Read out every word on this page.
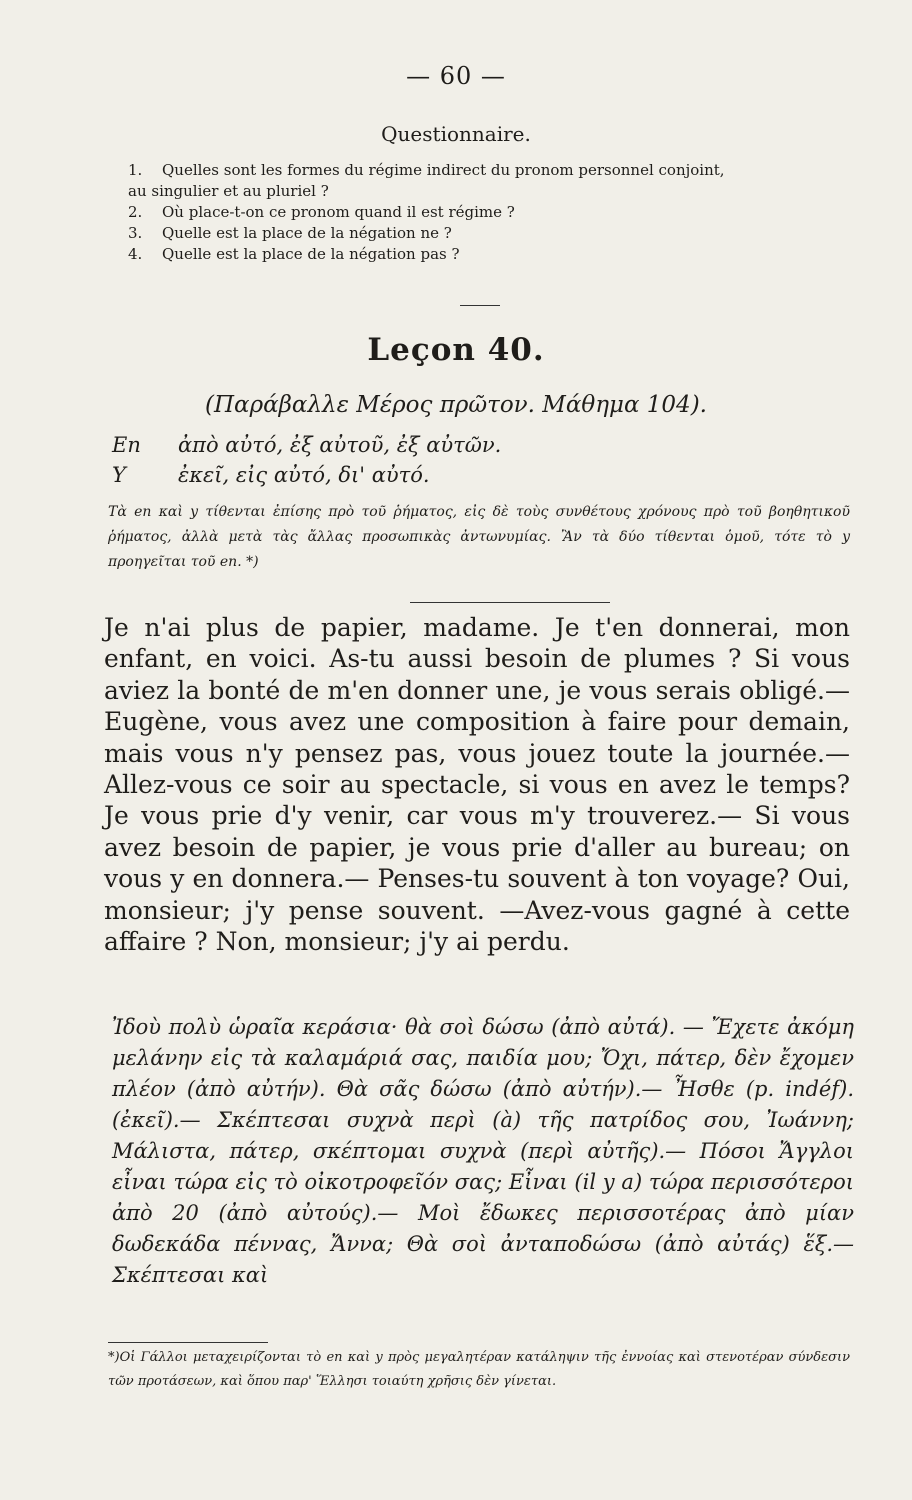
— 60 —
Questionnaire.
1.	Quelles sont les formes du régime indirect du pronom personnel conjoint,
au singulier et au pluriel ?
2.	Où place-t-on ce pronom quand il est régime ?
3.	Quelle est la place de la négation ne ?
4.	Quelle est la place de la négation pas ?
Leçon 40.
(Παράβαλλε Μέρος πρῶτον. Μάθημα 104).
En	ἀπὸ αὐτό, ἐξ αὐτοῦ, ἐξ αὐτῶν.
Y	ἐκεῖ, εἰς αὐτό, δι' αὐτό.
Τὰ en καὶ y τίθενται ἐπίσης πρὸ τοῦ ῥήματος, εἰς δὲ τοὺς συνθέτους χρόνους πρὸ τοῦ βοηθητικοῦ ῥήματος, ἀλλὰ μετὰ τὰς ἄλλας προσωπικὰς ἀντωνυμίας. Ἂν τὰ δύο τίθενται ὁμοῦ, τότε τὸ y προηγεῖται τοῦ en. *)
Je n'ai plus de papier, madame. Je t'en donnerai, mon enfant, en voici. As-tu aussi besoin de plumes ? Si vous aviez la bonté de m'en donner une, je vous serais obligé.—Eugène, vous avez une composition à faire pour demain, mais vous n'y pensez pas, vous jouez toute la journée.— Allez-vous ce soir au spectacle, si vous en avez le temps? Je vous prie d'y venir, car vous m'y trouverez.— Si vous avez besoin de papier, je vous prie d'aller au bureau; on vous y en donnera.— Penses-tu souvent à ton voyage? Oui, monsieur; j'y pense souvent. —Avez-vous gagné à cette affaire ? Non, monsieur; j'y ai perdu.
Ἰδοὺ πολὺ ὡραῖα κεράσια· θὰ σοὶ δώσω (ἀπὸ αὐτά). — Ἔχετε ἀκόμη μελάνην εἰς τὰ καλαμάριά σας, παιδία μου; Ὄχι, πάτερ, δὲν ἔχομεν πλέον (ἀπὸ αὐτήν). Θὰ σᾶς δώσω (ἀπὸ αὐτήν).— Ἦσθε (p. indéf). (ἐκεῖ).— Σκέπτεσαι συχνὰ περὶ (à) τῆς πατρίδος σου, Ἰωάννη; Μάλιστα, πάτερ, σκέπτομαι συχνὰ (περὶ αὐτῆς).— Πόσοι Ἄγγλοι εἶναι τώρα εἰς τὸ οἰκοτροφεῖόν σας; Εἶναι (il y a) τώρα περισσότεροι ἀπὸ 20 (ἀπὸ αὐτούς).— Μοὶ ἔδωκες περισσοτέρας ἀπὸ μίαν δωδεκάδα πέννας, Ἄννα; Θὰ σοὶ ἀνταποδώσω (ἀπὸ αὐτάς) ἕξ.— Σκέπτεσαι καὶ
*)Οἱ Γάλλοι μεταχειρίζονται τὸ en καὶ y πρὸς μεγαλητέραν κατάληψιν τῆς ἐννοίας καὶ στενοτέραν σύνδεσιν τῶν προτάσεων, καὶ ὅπου παρ' Ἕλλησι τοιαύτη χρῆσις δὲν γίνεται.
